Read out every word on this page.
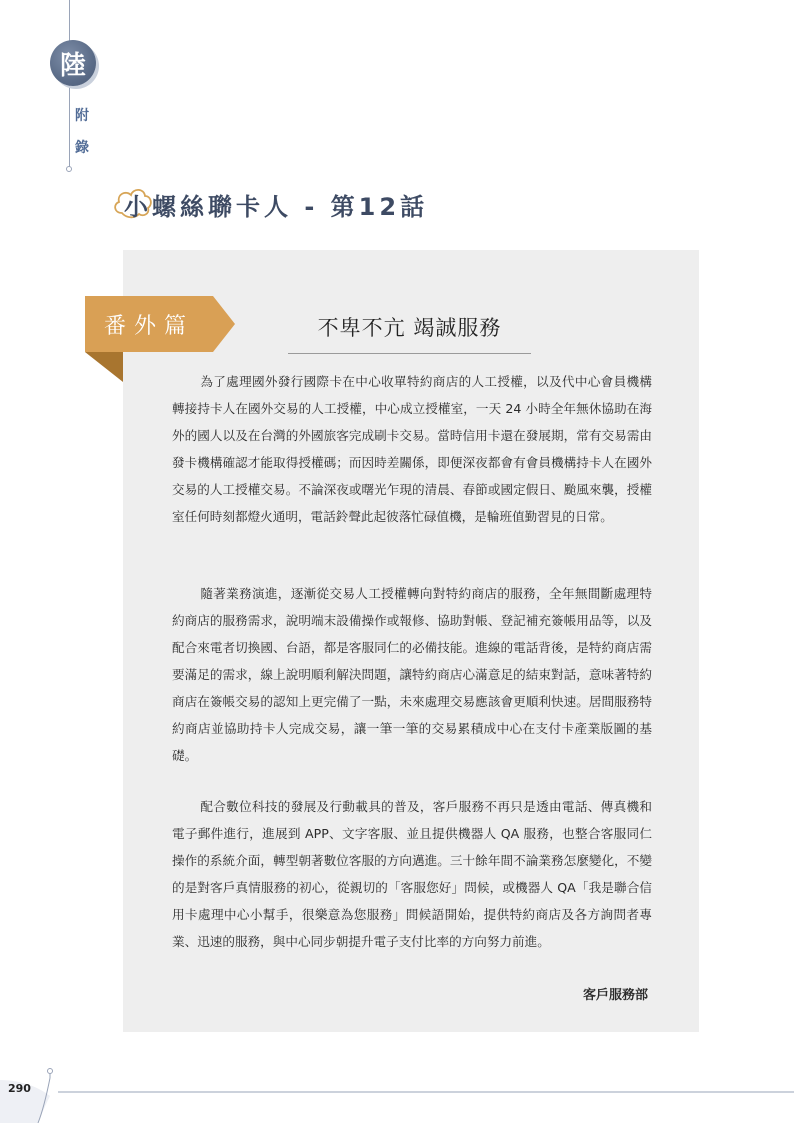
陸
附
錄
小螺絲聯卡人 - 第12話
番外篇	不卑不亢 竭誠服務
為了處理國外發行國際卡在中心收單特約商店的人工授權，以及代中心會員機構轉接持卡人在國外交易的人工授權，中心成立授權室，一天 24 小時全年無休協助在海外的國人以及在台灣的外國旅客完成刷卡交易。當時信用卡還在發展期，常有交易需由發卡機構確認才能取得授權碼；而因時差關係，即便深夜都會有會員機構持卡人在國外交易的人工授權交易。不論深夜或曙光乍現的清晨、春節或國定假日、颱風來襲，授權室任何時刻都燈火通明，電話鈴聲此起彼落忙碌值機，是輪班值勤習見的日常。
隨著業務演進，逐漸從交易人工授權轉向對特約商店的服務，全年無間斷處理特約商店的服務需求，說明端末設備操作或報修、協助對帳、登記補充簽帳用品等，以及配合來電者切換國、台語，都是客服同仁的必備技能。進線的電話背後，是特約商店需要滿足的需求，線上說明順利解決問題，讓特約商店心滿意足的結束對話，意味著特約商店在簽帳交易的認知上更完備了一點，未來處理交易應該會更順利快速。居間服務特約商店並協助持卡人完成交易，讓一筆一筆的交易累積成中心在支付卡產業版圖的基礎。
配合數位科技的發展及行動載具的普及，客戶服務不再只是透由電話、傳真機和電子郵件進行，進展到 APP、文字客服、並且提供機器人 QA 服務，也整合客服同仁操作的系統介面，轉型朝著數位客服的方向邁進。三十餘年間不論業務怎麼變化，不變的是對客戶真情服務的初心，從親切的「客服您好」問候，或機器人 QA「我是聯合信用卡處理中心小幫手，很樂意為您服務」問候語開始，提供特約商店及各方詢問者專業、迅速的服務，與中心同步朝提升電子支付比率的方向努力前進。
客戶服務部
290
